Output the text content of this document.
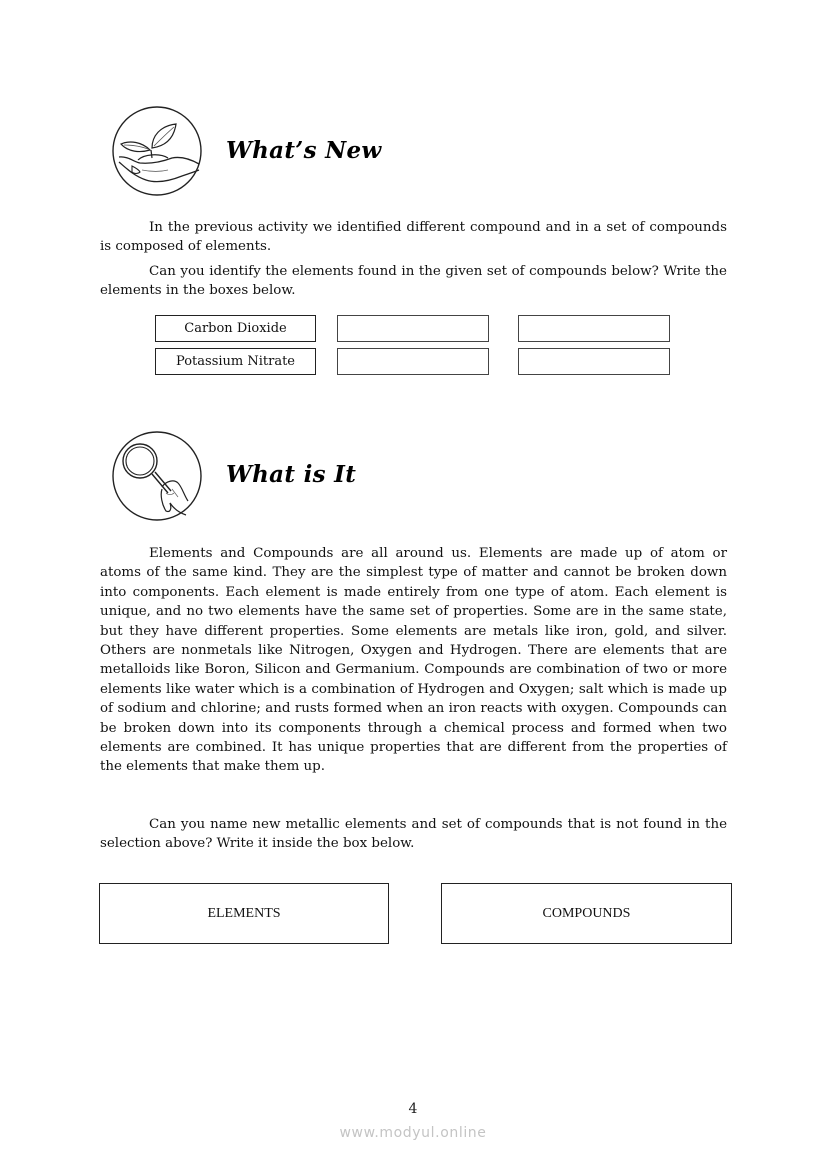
What’s New

In the previous activity we identified different compound and in a set of compounds is composed of elements.

Can you identify the elements found in the given set of compounds below? Write the elements in the boxes below.

Carbon Dioxide
Potassium Nitrate
What is It

Elements and Compounds are all around us. Elements are made up of atom or atoms of the same kind. They are the simplest type of matter and cannot be broken down into components. Each element is made entirely from one type of atom. Each element is unique, and no two elements have the same set of properties. Some are in the same state, but they have different properties. Some elements are metals like iron, gold, and silver. Others are nonmetals like Nitrogen, Oxygen and Hydrogen. There are elements that are metalloids like Boron, Silicon and Germanium. Compounds are combination of two or more elements like water which is a combination of Hydrogen and Oxygen; salt which is made up of sodium and chlorine; and rusts formed when an iron reacts with oxygen. Compounds can be broken down into its components through a chemical process and formed when two elements are combined. It has unique properties that are different from the properties of the elements that make them up.

Can you name new metallic elements and set of compounds that is not found in the selection above? Write it inside the box below.

ELEMENTS	COMPOUNDS
4
www.modyul.online
